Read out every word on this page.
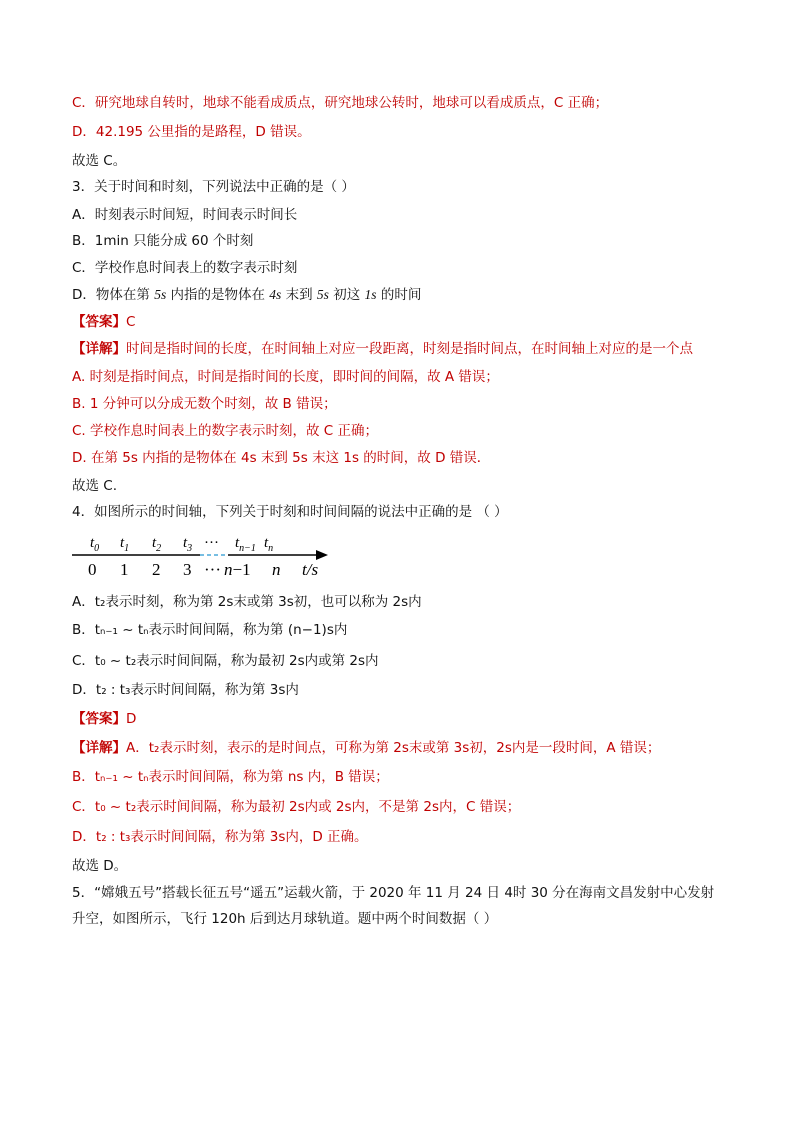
C．研究地球自转时，地球不能看成质点，研究地球公转时，地球可以看成质点，C 正确；
D．42.195 公里指的是路程，D 错误。
故选 C。
3．关于时间和时刻，下列说法中正确的是（ ）
A．时刻表示时间短，时间表示时间长
B．1min 只能分成 60 个时刻
C．学校作息时间表上的数字表示时刻
D．物体在第 5s 内指的是物体在 4s 末到 5s 初这 1s 的时间
【答案】C
【详解】时间是指时间的长度，在时间轴上对应一段距离，时刻是指时间点，在时间轴上对应的是一个点
A. 时刻是指时间点，时间是指时间的长度，即时间的间隔，故 A 错误；
B. 1 分钟可以分成无数个时刻，故 B 错误；
C. 学校作息时间表上的数字表示时刻，故 C 正确；
D. 在第 5s 内指的是物体在 4s 末到 5s 末这 1s 的时间，故 D 错误．
故选 C.
4．如图所示的时间轴，下列关于时刻和时间间隔的说法中正确的是 （ ）
$t_0$ $t_1$ $t_2$ $t_3$ ··· $t_{n-1}$ $t_n$
0 1 2 3 ··· n−1 n t/s
A．t₂表示时刻，称为第 2s末或第 3s初，也可以称为 2s内
B．tₙ₋₁ ~ tₙ表示时间间隔，称为第 (n−1)s内
C．t₀ ~ t₂表示时间间隔，称为最初 2s内或第 2s内
D．t₂ : t₃表示时间间隔，称为第 3s内
【答案】D
【详解】A．t₂表示时刻，表示的是时间点，可称为第 2s末或第 3s初，2s内是一段时间，A 错误；
B．tₙ₋₁ ~ tₙ表示时间间隔，称为第 ns 内，B 错误；
C．t₀ ~ t₂表示时间间隔，称为最初 2s内或 2s内，不是第 2s内，C 错误；
D．t₂ : t₃表示时间间隔，称为第 3s内，D 正确。
故选 D。
5．“嫦娥五号”搭载长征五号“遥五”运载火箭，于 2020 年 11 月 24 日 4时 30 分在海南文昌发射中心发射升空，如图所示，飞行 120h 后到达月球轨道。题中两个时间数据（ ）
